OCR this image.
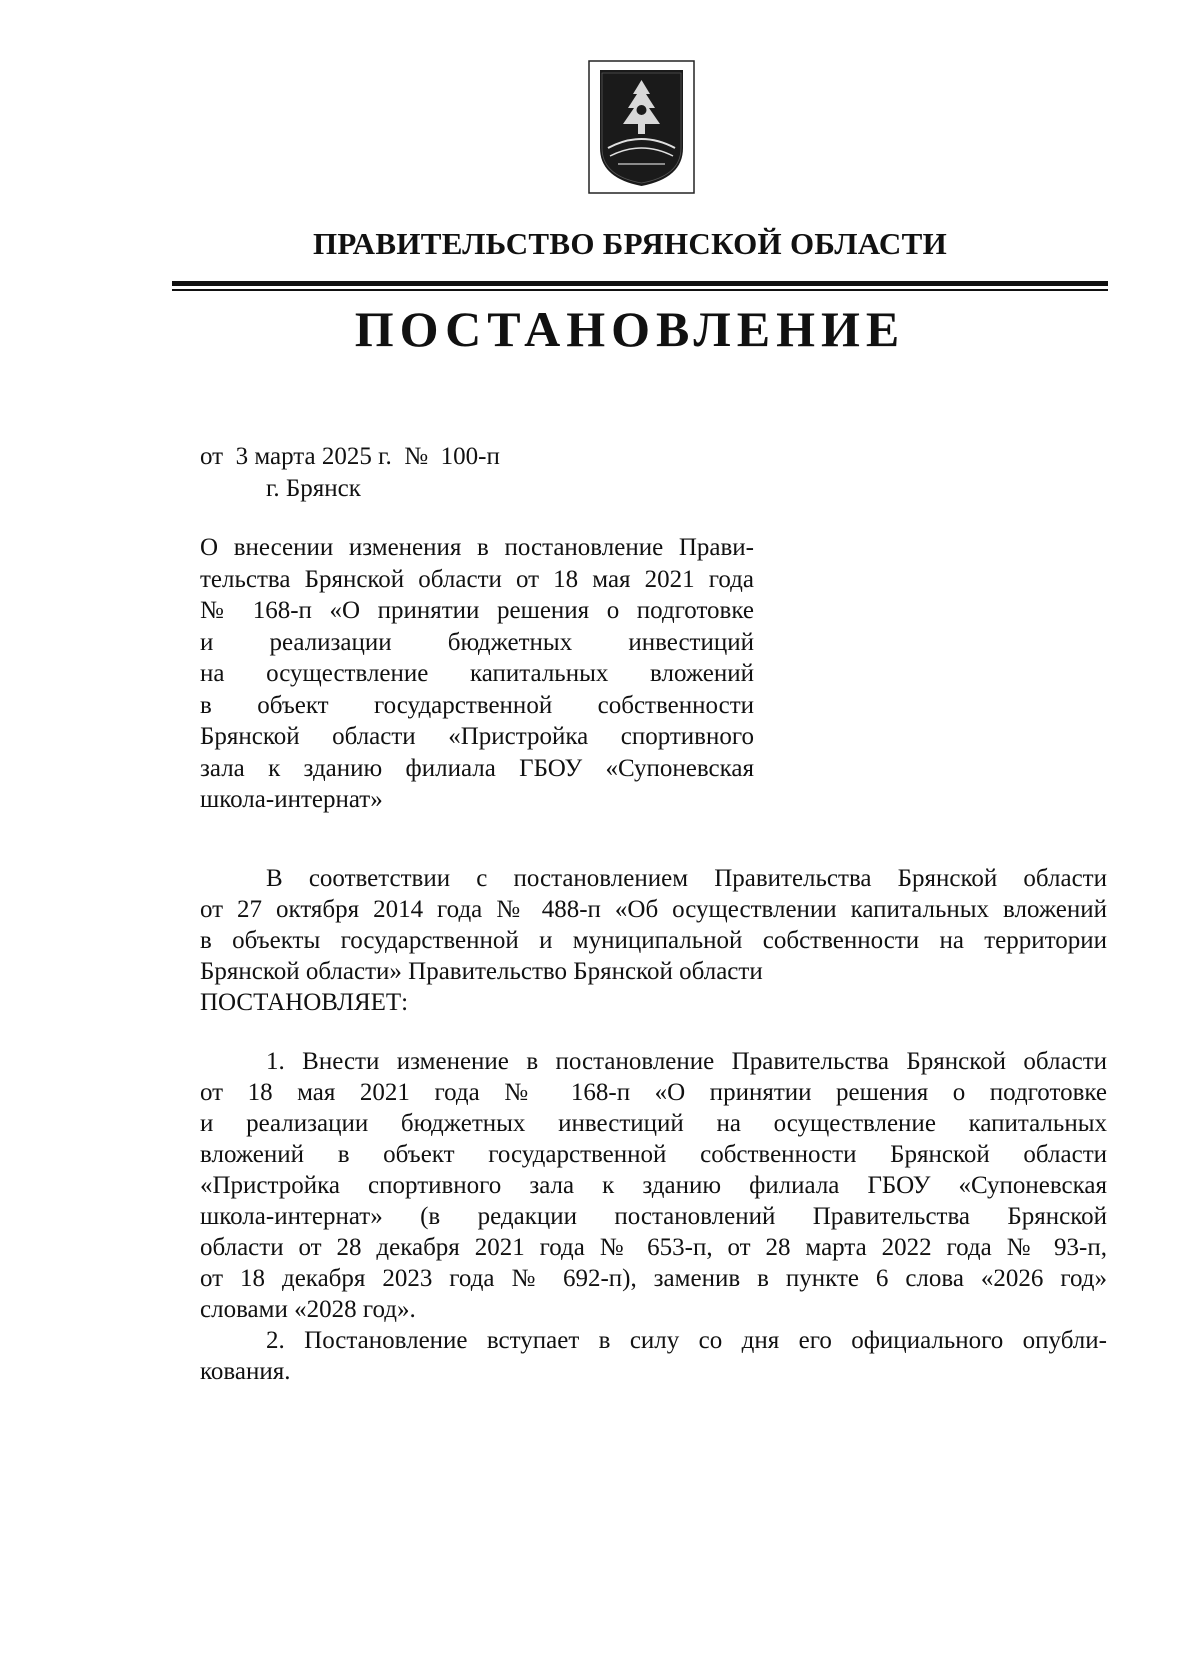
ПРАВИТЕЛЬСТВО БРЯНСКОЙ ОБЛАСТИ
ПОСТАНОВЛЕНИЕ
от  3 марта 2025 г.  №  100-п
г. Брянск
О внесении изменения в постановление Прави-
тельства Брянской области от 18 мая 2021 года
№ 168-п «О принятии решения о подготовке
и реализации бюджетных инвестиций
на осуществление капитальных вложений
в объект государственной собственности
Брянской области «Пристройка спортивного
зала к зданию филиала ГБОУ «Супоневская
школа-интернат»
В соответствии с постановлением Правительства Брянской области
от 27 октября 2014 года № 488-п «Об осуществлении капитальных вложений
в объекты государственной и муниципальной собственности на территории
Брянской области» Правительство Брянской области
ПОСТАНОВЛЯЕТ:
1. Внести изменение в постановление Правительства Брянской области
от 18 мая 2021 года № 168-п «О принятии решения о подготовке
и реализации бюджетных инвестиций на осуществление капитальных
вложений в объект государственной собственности Брянской области
«Пристройка спортивного зала к зданию филиала ГБОУ «Супоневская
школа-интернат» (в редакции постановлений Правительства Брянской
области от 28 декабря 2021 года № 653-п, от 28 марта 2022 года № 93-п,
от 18 декабря 2023 года № 692-п), заменив в пункте 6 слова «2026 год»
словами «2028 год».
2. Постановление вступает в силу со дня его официального опубли-
кования.
